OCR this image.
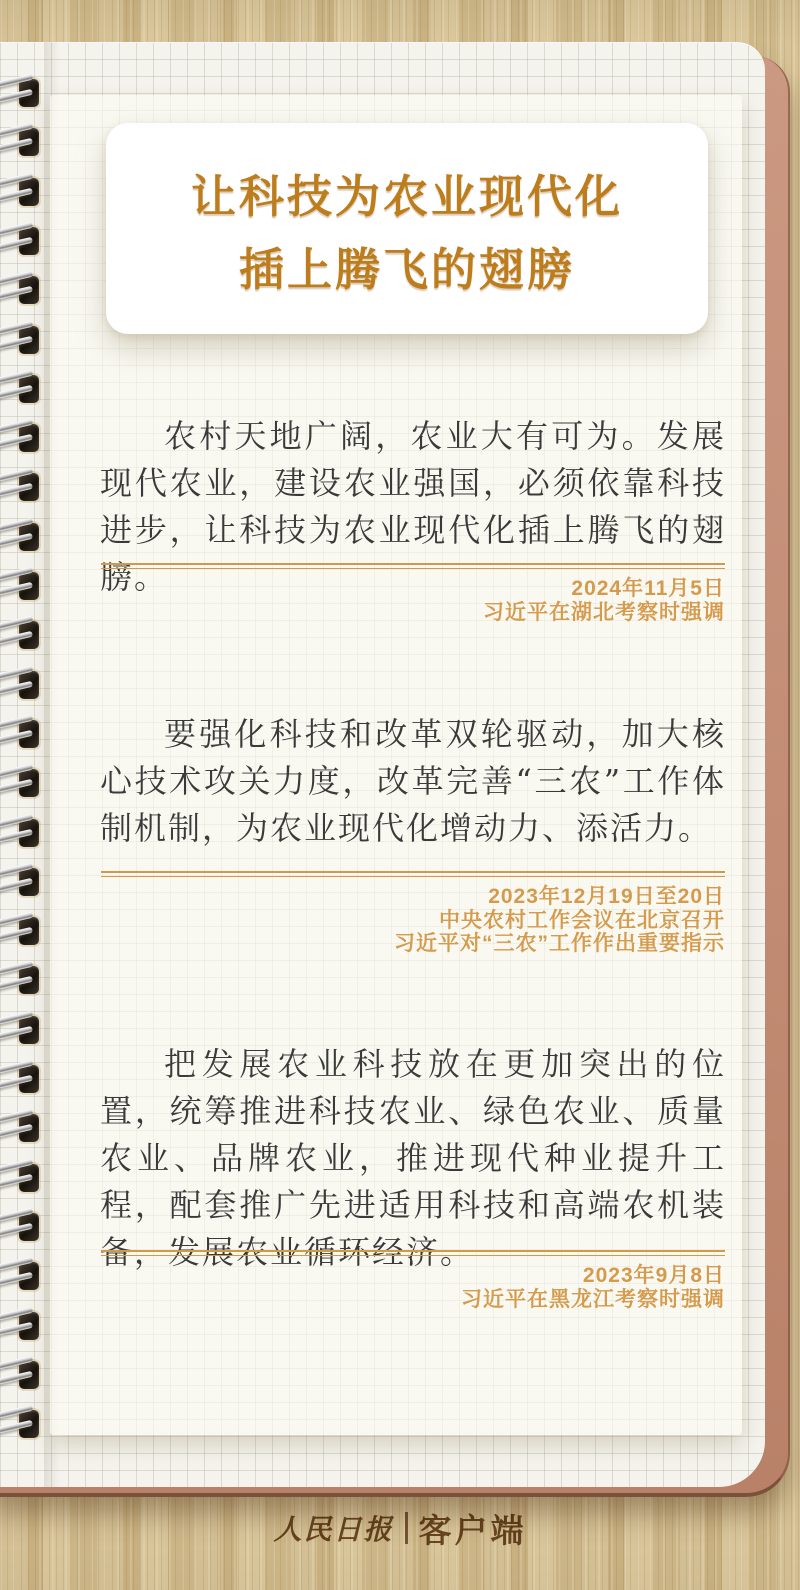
让科技为农业现代化
插上腾飞的翅膀

农村天地广阔，农业大有可为。发展现代农业，建设农业强国，必须依靠科技进步，让科技为农业现代化插上腾飞的翅膀。	2024年11月5日
习近平在湖北考察时强调

要强化科技和改革双轮驱动，加大核心技术攻关力度，改革完善“三农”工作体制机制，为农业现代化增动力、添活力。

2023年12月19日至20日
中央农村工作会议在北京召开
习近平对“三农”工作作出重要指示

把发展农业科技放在更加突出的位置，统筹推进科技农业、绿色农业、质量农业、品牌农业，推进现代种业提升工程，配套推广先进适用科技和高端农机装备，发展农业循环经济。

2023年9月8日
习近平在黑龙江考察时强调
人民日报 客户端
